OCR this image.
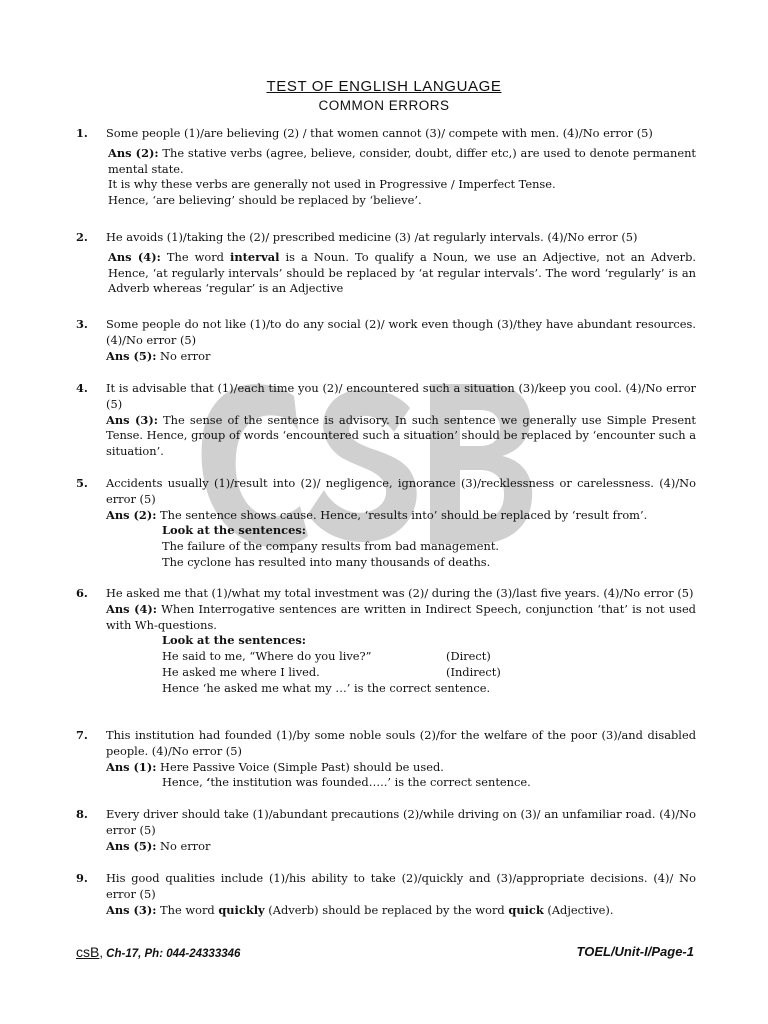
TEST OF ENGLISH LANGUAGE
COMMON ERRORS
1. Some people (1)/are believing (2) / that women cannot (3)/ compete with men. (4)/No error (5)
Ans (2): The stative verbs (agree, believe, consider, doubt, differ etc,) are used to denote permanent mental state.
It is why these verbs are generally not used in Progressive / Imperfect Tense.
Hence, ‘are believing’ should be replaced by ‘believe’.
2. He avoids (1)/taking the (2)/ prescribed medicine (3) /at regularly intervals. (4)/No error (5)
Ans (4): The word interval is a Noun. To qualify a Noun, we use an Adjective, not an Adverb. Hence, ‘at regularly intervals’ should be replaced by ‘at regular intervals’. The word ‘regularly’ is an Adverb whereas ‘regular’ is an Adjective
3. Some people do not like (1)/to do any social (2)/ work even though (3)/they have abundant resources. (4)/No error (5)
Ans (5): No error
4. It is advisable that (1)/each time you (2)/ encountered such a situation (3)/keep you cool. (4)/No error (5)
Ans (3): The sense of the sentence is advisory. In such sentence we generally use Simple Present Tense. Hence, group of words ‘encountered such a situation’ should be replaced by ‘encounter such a situation’.
5. Accidents usually (1)/result into (2)/ negligence, ignorance (3)/recklessness or carelessness. (4)/No error (5)
Ans (2): The sentence shows cause. Hence, ‘results into’ should be replaced by ‘result from’.
Look at the sentences:
The failure of the company results from bad management.
The cyclone has resulted into many thousands of deaths.
6. He asked me that (1)/what my total investment was (2)/ during the (3)/last five years. (4)/No error (5)
Ans (4): When Interrogative sentences are written in Indirect Speech, conjunction ‘that’ is not used with Wh-questions.
Look at the sentences:
He said to me, “Where do you live?”	(Direct)
He asked me where I lived.	(Indirect)
Hence ‘he asked me what my …’ is the correct sentence.
7. This institution had founded (1)/by some noble souls (2)/for the welfare of the poor (3)/and disabled people. (4)/No error (5)
Ans (1): Here Passive Voice (Simple Past) should be used.
Hence, ‘the institution was founded…..’ is the correct sentence.
8. Every driver should take (1)/abundant precautions (2)/while driving on (3)/ an unfamiliar road. (4)/No error (5)
Ans (5): No error
9. His good qualities include (1)/his ability to take (2)/quickly and (3)/appropriate decisions. (4)/ No error (5)
Ans (3): The word quickly (Adverb) should be replaced by the word quick (Adjective).
csB, Ch-17, Ph: 044-24333346	TOEL/Unit-I/Page-1
